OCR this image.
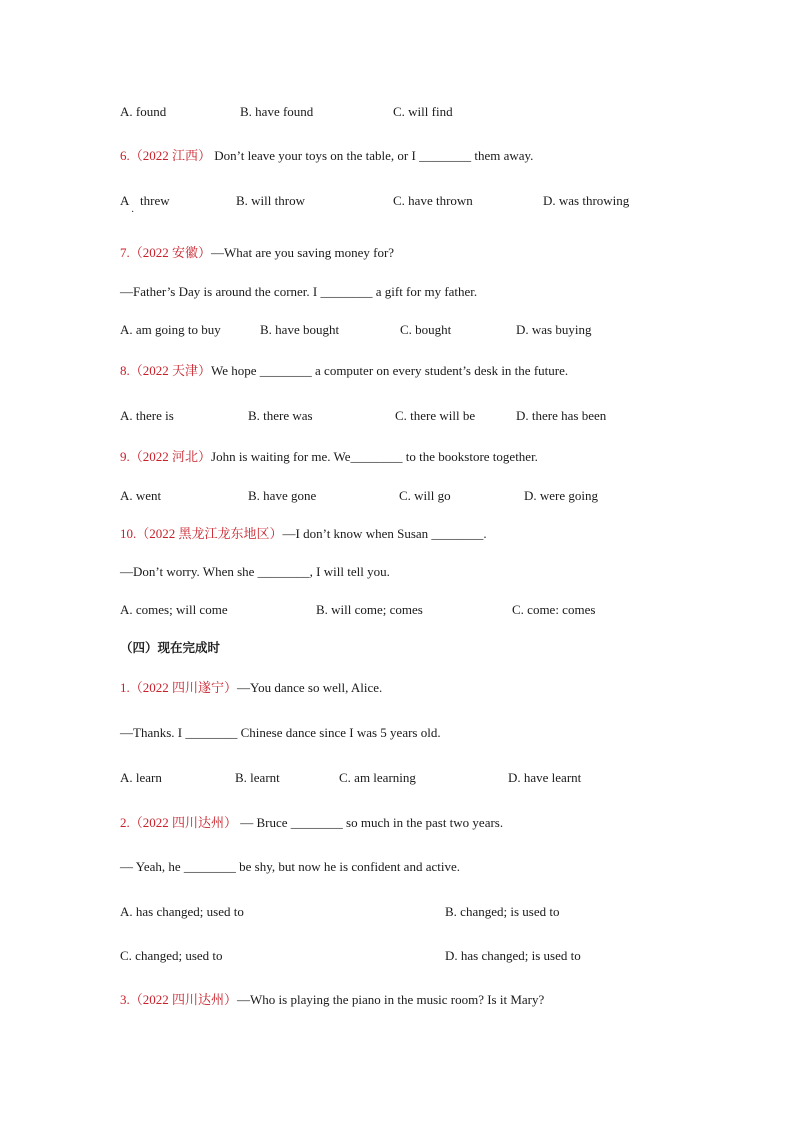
A. found	B. have found	C. will find
6.（2022 江西） Don’t leave your toys on the table, or I ________ them away.
A
·
threw	B. will throw	C. have thrown	D. was throwing
7.（2022 安徽）—What are you saving money for?
—Father’s Day is around the corner. I ________ a gift for my father.
A. am going to buy	B. have bought	C. bought	D. was buying
8.（2022 天津）We hope ________ a computer on every student’s desk in the future.
A. there is	B. there was	C. there will be	D. there has been
9.（2022 河北）John is waiting for me. We________ to the bookstore together.
A. went	B. have gone	C. will go	D. were going
10.（2022 黑龙江龙东地区）—I don’t know when Susan ________.
—Don’t worry. When she ________, I will tell you.
A. comes; will come	B. will come; comes	C. come: comes
（四）现在完成时
1.（2022 四川遂宁）—You dance so well, Alice.
—Thanks. I ________ Chinese dance since I was 5 years old.
A. learn	B. learnt	C. am learning	D. have learnt
2.（2022 四川达州） — Bruce ________ so much in the past two years.
— Yeah, he ________ be shy, but now he is confident and active.
A. has changed; used to	B. changed; is used to
C. changed; used to	D. has changed; is used to
3.（2022 四川达州）—Who is playing the piano in the music room? Is it Mary?
